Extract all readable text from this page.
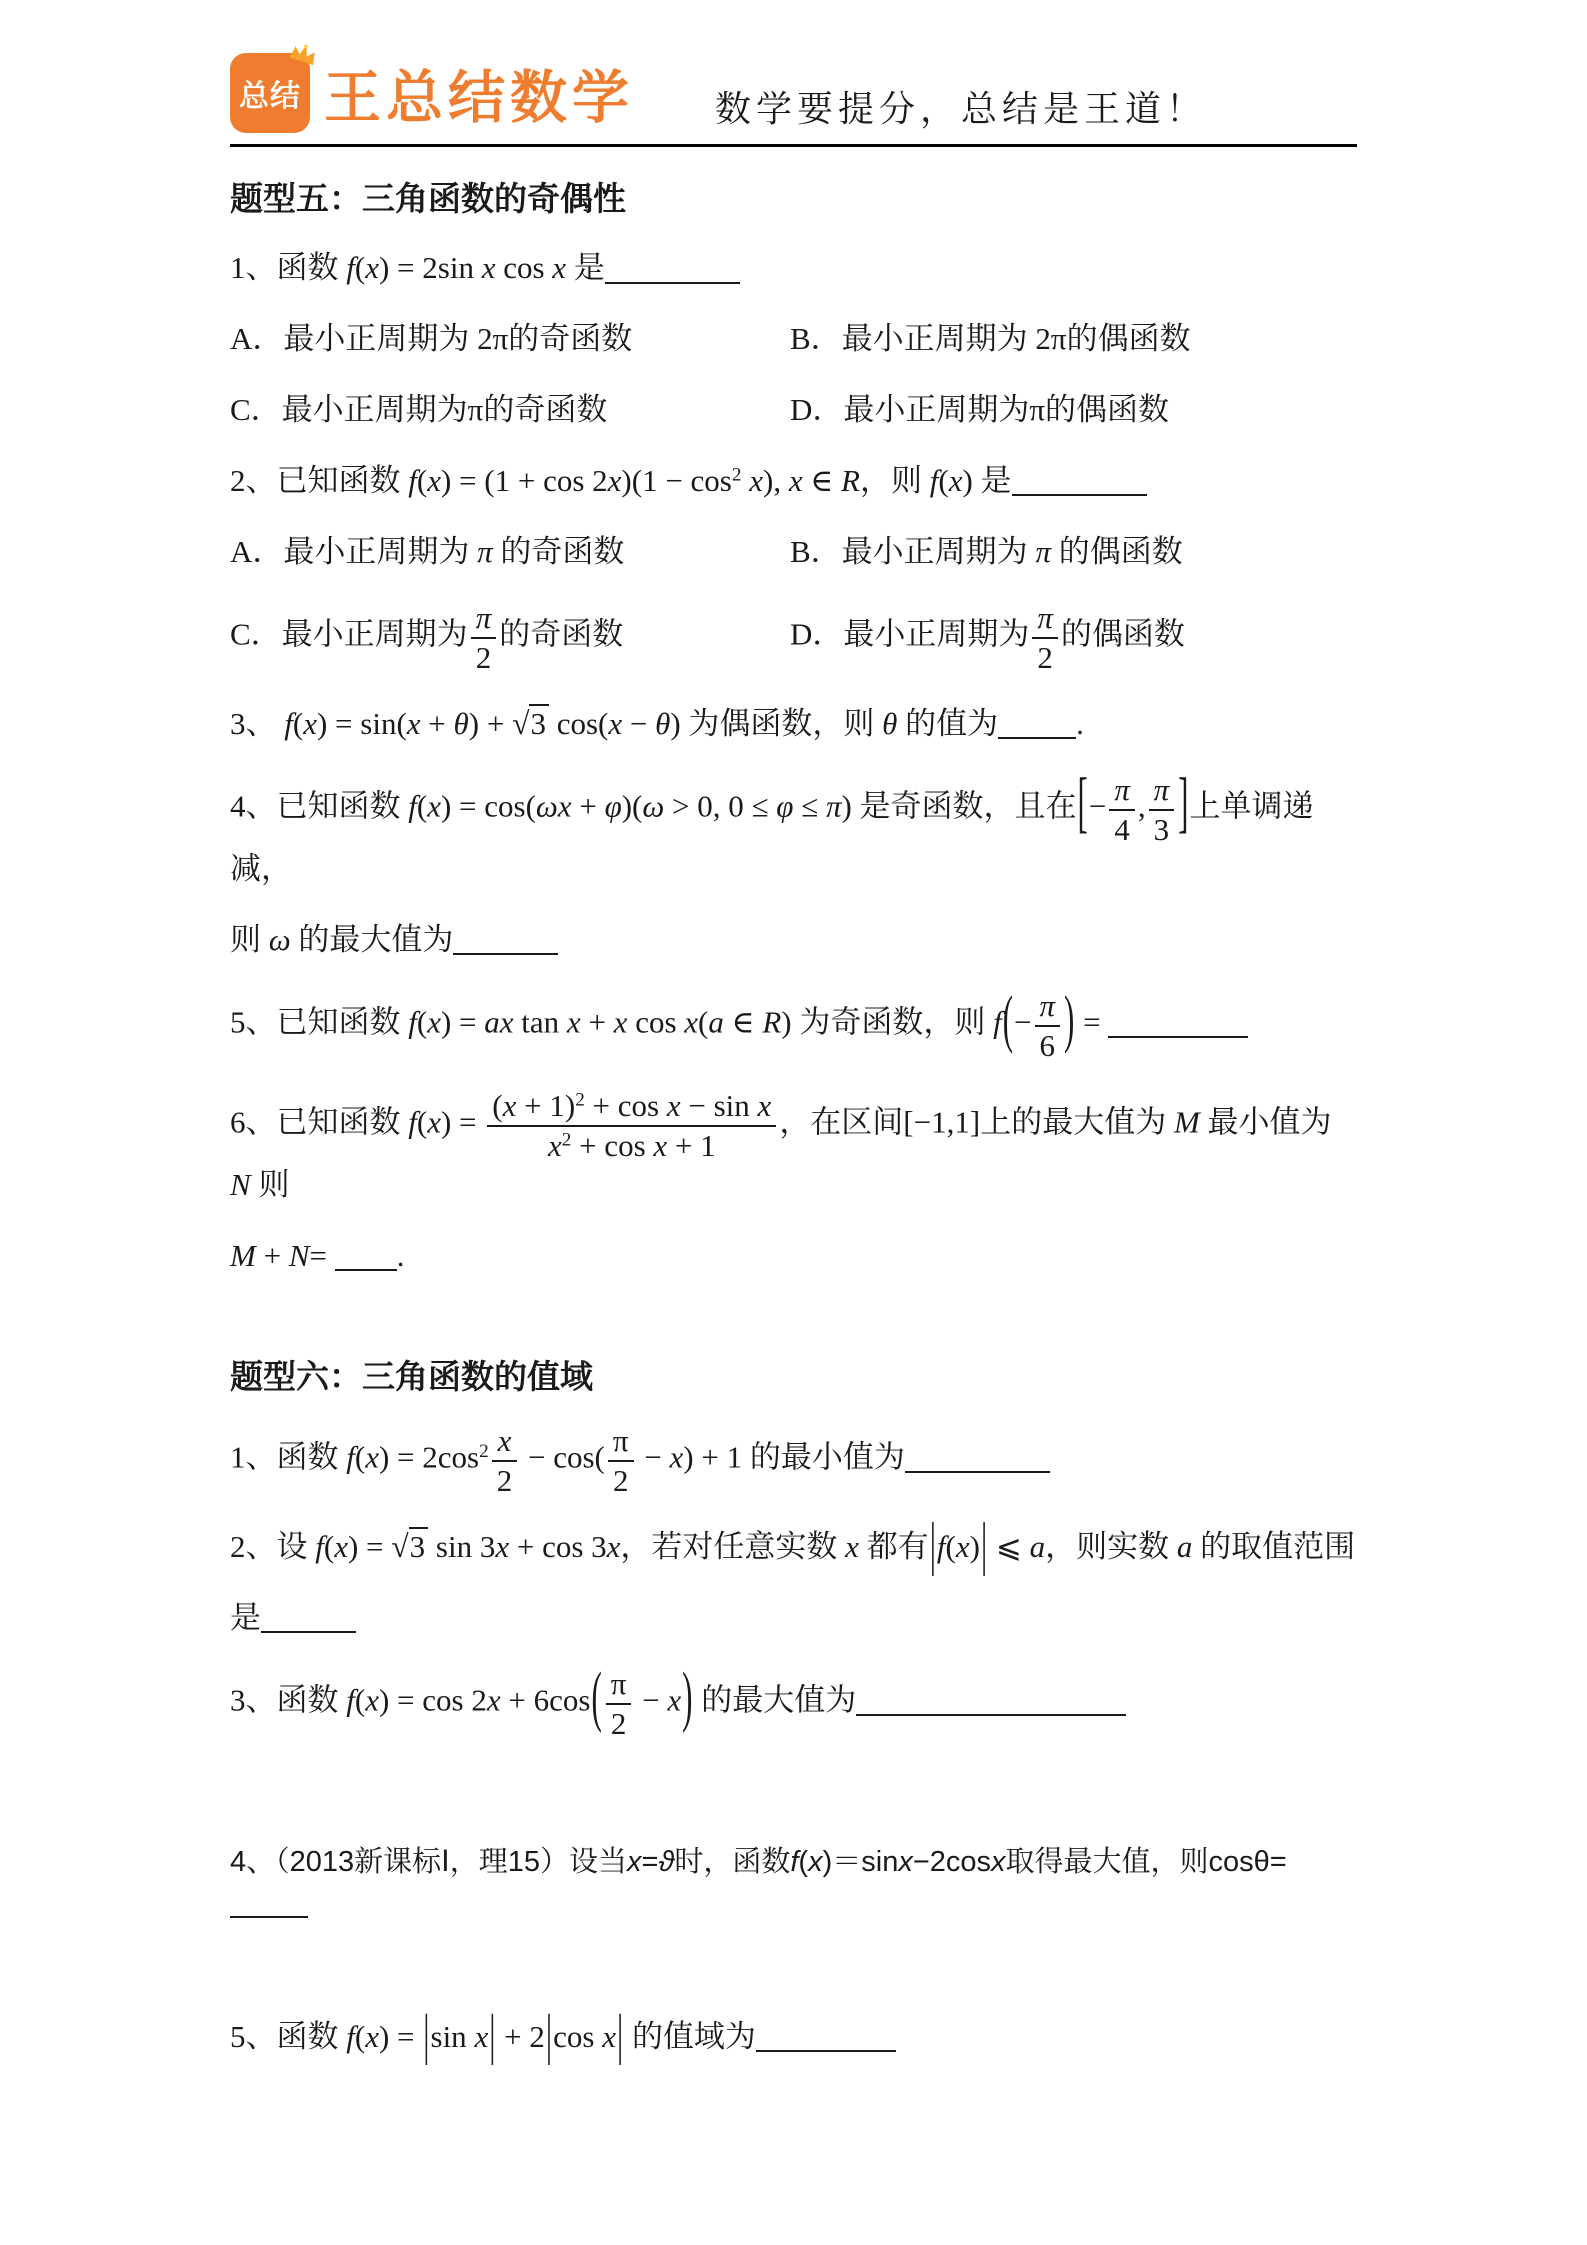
总结 王总结数学 数学要提分，总结是王道！
题型五：三角函数的奇偶性
1、函数 f(x) = 2sin x cos x 是
A．最小正周期为 2π的奇函数	B．最小正周期为 2π的偶函数
C．最小正周期为π的奇函数	D．最小正周期为π的偶函数
2、已知函数 $f(x) = (1 + \cos 2x)(1 - \cos^2 x)$, x ∈ R，则 f(x) 是
A．最小正周期为 π 的奇函数	B．最小正周期为 π 的偶函数
C．最小正周期为 $\frac{\pi}{2}$ 的奇函数	D．最小正周期为 $\frac{\pi}{2}$ 的偶函数
3、 f(x) = sin(x + θ) + √3 cos(x − θ) 为偶函数，则 θ 的值为	.
4、已知函数 f(x) = cos(ωx + φ)(ω > 0, 0 ≤ φ ≤ π) 是奇函数，且在[− $\frac{\pi}{4}$ , $\frac{\pi}{3}$ ]上单调递减，
则 ω 的最大值为
5、已知函数 f(x) = ax tan x + x cos x(a ∈ R) 为奇函数，则 $f(- \frac{\pi}{6}$ ) =
6、已知函数 $f(x) = \frac{(x + 1)^2 + \cos x - \sin x}{x^2 + \cos x + 1}$ ，在区间[−1,1]上的最大值为 M 最小值为 N 则
M + N= .
题型六：三角函数的值域
1、函数 $f(x) = 2\cos^2 \frac{x}{2} - \cos( \frac{\pi}{2} - x) + 1$ 的最小值为
2、设 f(x) = √3 sin 3x + cos 3x，若对任意实数 x 都有|f(x)| ⩽ a，则实数 a 的取值范围
是
3、函数 $f(x) = \cos 2x + 6\cos( \frac{\pi}{2} - x)$ 的最大值为
4、（2013新课标Ⅰ，理15）设当x=ϑ时，函数f(x)＝sinx−2cosx取得最大值，则cosθ=
5、函数 f(x) = |sin x| + 2|cos x| 的值域为
